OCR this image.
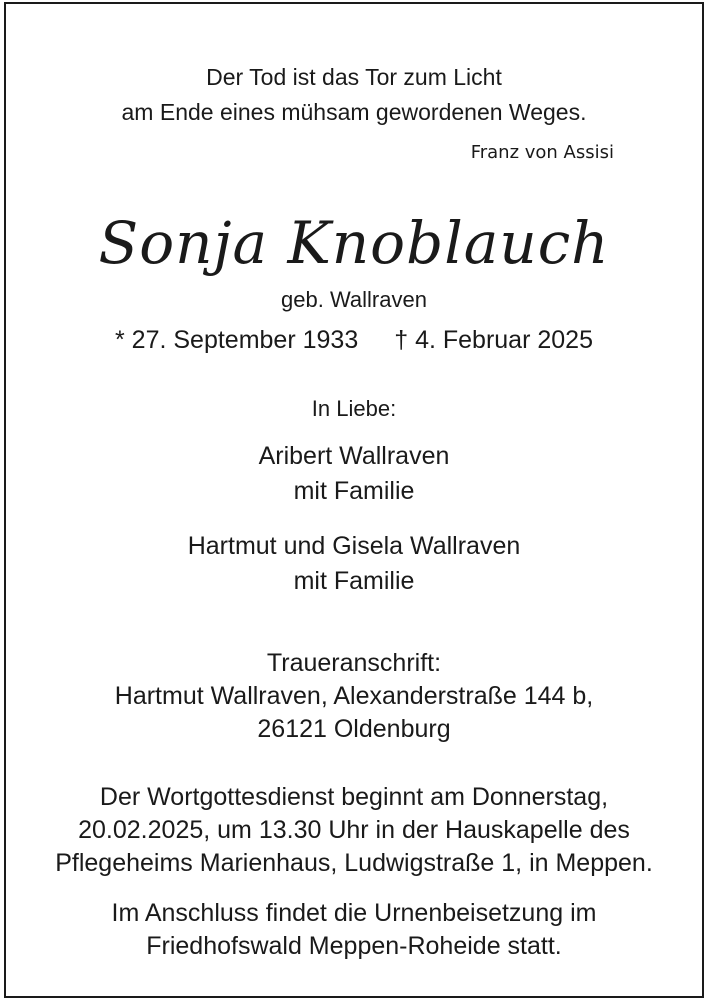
Der Tod ist das Tor zum Licht
am Ende eines mühsam gewordenen Weges.
Franz von Assisi
Sonja Knoblauch
geb. Wallraven
* 27. September 1933 † 4. Februar 2025
In Liebe:
Aribert Wallraven
mit Familie
Hartmut und Gisela Wallraven
mit Familie
Traueranschrift:
Hartmut Wallraven, Alexanderstraße 144 b,
26121 Oldenburg
Der Wortgottesdienst beginnt am Donnerstag,
20.02.2025, um 13.30 Uhr in der Hauskapelle des
Pflegeheims Marienhaus, Ludwigstraße 1, in Meppen.
Im Anschluss findet die Urnenbeisetzung im
Friedhofswald Meppen-Roheide statt.
